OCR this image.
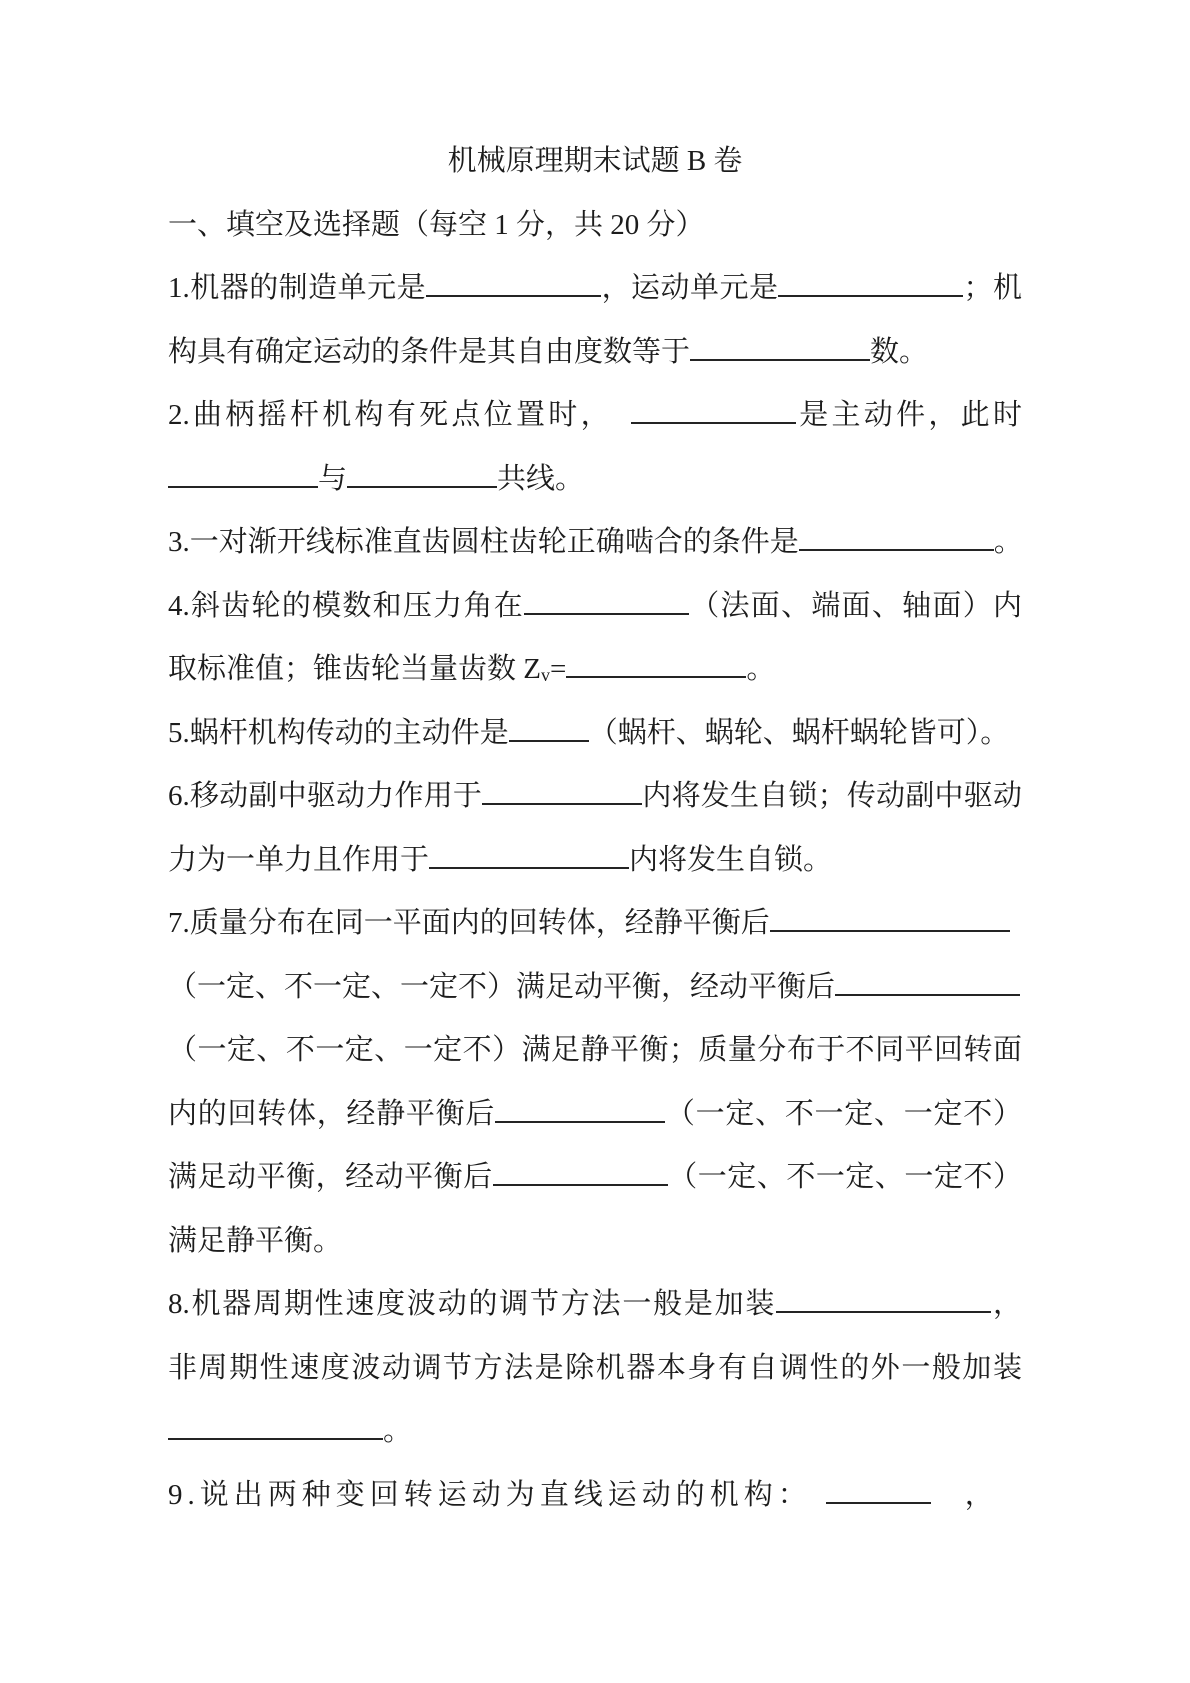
机械原理期末试题 B 卷
一、填空及选择题（每空 1 分，共 20 分）
1.机器的制造单元是	，运动单元是	；机
构具有确定运动的条件是其自由度数等于	数。
2.曲柄摇杆机构有死点位置时，	是主动件，此时
与	共线。
3.一对渐开线标准直齿圆柱齿轮正确啮合的条件是	。
4.斜齿轮的模数和压力角在	（法面、端面、轴面）内
取标准值；锥齿轮当量齿数 $Z_v=$	。
5.蜗杆机构传动的主动件是	（蜗杆、蜗轮、蜗杆蜗轮皆可）。
6.移动副中驱动力作用于	内将发生自锁；传动副中驱动
力为一单力且作用于	内将发生自锁。
7.质量分布在同一平面内的回转体，经静平衡后
（一定、不一定、一定不）满足动平衡，经动平衡后
（一定、不一定、一定不）满足静平衡；质量分布于不同平回转面
内的回转体，经静平衡后	（一定、不一定、一定不）
满足动平衡，经动平衡后	（一定、不一定、一定不）
满足静平衡。
8.机器周期性速度波动的调节方法一般是加装	，
非周期性速度波动调节方法是除机器本身有自调性的外一般加装
。
9.说出两种变回转运动为直线运动的机构：	，
